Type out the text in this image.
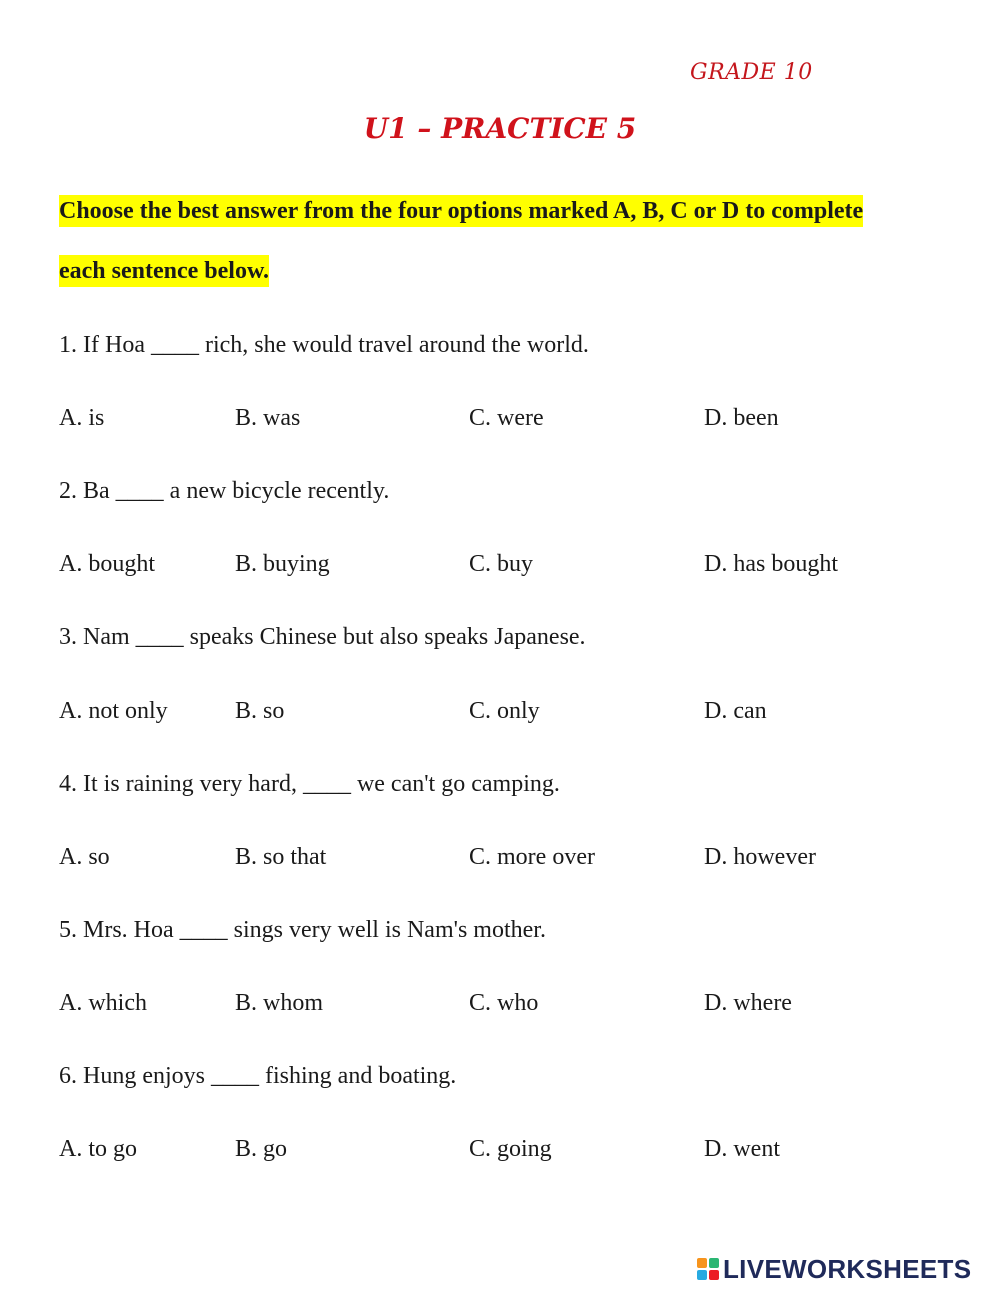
GRADE 10
U1 – PRACTICE 5
Choose the best answer from the four options marked A, B, C or D to complete
each sentence below.
1. If Hoa ____ rich, she would travel around the world.
A. is	B. was	C. were	D. been
2. Ba ____ a new bicycle recently.
A. bought	B. buying	C. buy	D. has bought
3. Nam ____ speaks Chinese but also speaks Japanese.
A. not only	B. so	C. only	D. can
4. It is raining very hard, ____ we can't go camping.
A. so	B. so that	C. more over	D. however
5. Mrs. Hoa ____ sings very well is Nam's mother.
A. which	B. whom	C. who	D. where
6. Hung enjoys ____ fishing and boating.
A. to go	B. go	C. going	D. went
LIVEWORKSHEETS
